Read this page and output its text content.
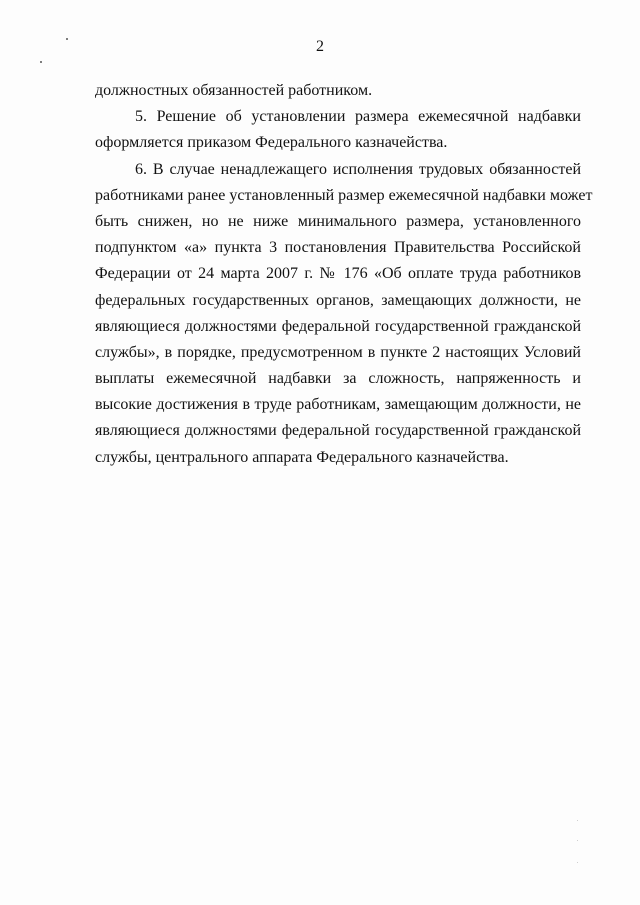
2
должностных обязанностей работником.
5. Решение об установлении размера ежемесячной надбавки
оформляется приказом Федерального казначейства.
6. В случае ненадлежащего исполнения трудовых обязанностей
работниками ранее установленный размер ежемесячной надбавки может
быть снижен, но не ниже минимального размера, установленного
подпунктом «а» пункта 3 постановления Правительства Российской
Федерации от 24 марта 2007 г. № 176 «Об оплате труда работников
федеральных государственных органов, замещающих должности, не
являющиеся должностями федеральной государственной гражданской
службы», в порядке, предусмотренном в пункте 2 настоящих Условий
выплаты ежемесячной надбавки за сложность, напряженность и
высокие достижения в труде работникам, замещающим должности, не
являющиеся должностями федеральной государственной гражданской
службы, центрального аппарата Федерального казначейства.
